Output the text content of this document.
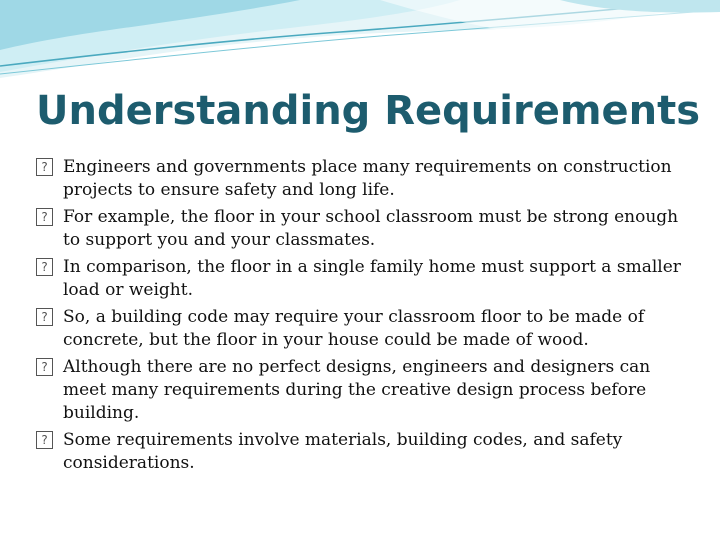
Understanding Requirements
? Engineers and governments place many requirements on construction projects to ensure safety and long life.
? For example, the floor in your school classroom must be strong enough to support you and your classmates.
? In comparison, the floor in a single family home must support a smaller load or weight.
? So, a building code may require your classroom floor to be made of concrete, but the floor in your house could be made of wood.
? Although there are no perfect designs, engineers and designers can meet many requirements during the creative design process before building.
? Some requirements involve materials, building codes, and safety considerations.
